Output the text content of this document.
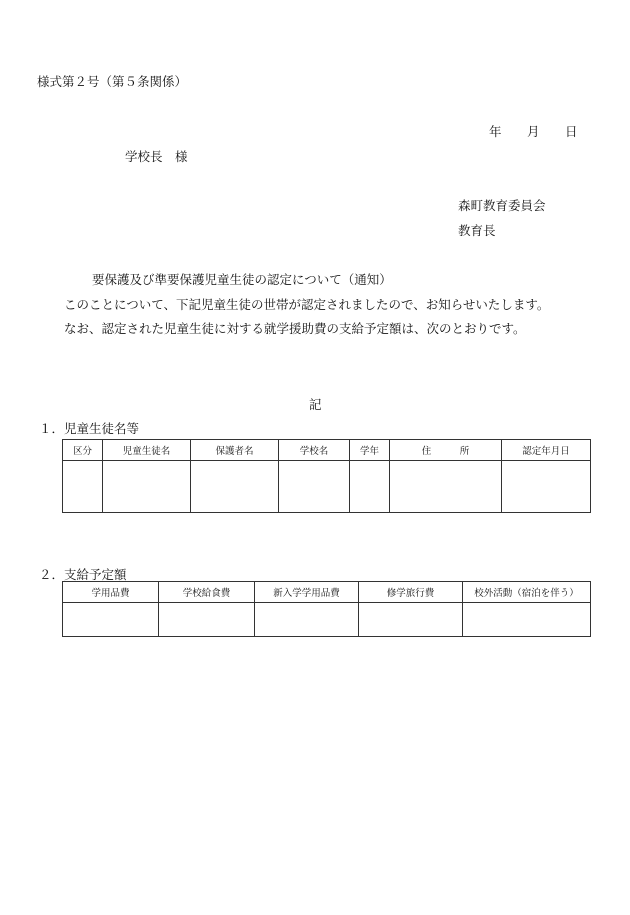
様式第２号（第５条関係）
年 月 日
学校長　様
森町教育委員会
教育長
要保護及び準要保護児童生徒の認定について（通知）
このことについて、下記児童生徒の世帯が認定されましたので、お知らせいたします。
なお、認定された児童生徒に対する就学援助費の支給予定額は、次のとおりです。
記
１．児童生徒名等
区分	児童生徒名	保護者名	学校名	学年	住　　　所	認定年月日

２．支給予定額
学用品費	学校給食費	新入学学用品費	修学旅行費	校外活動（宿泊を伴う）
